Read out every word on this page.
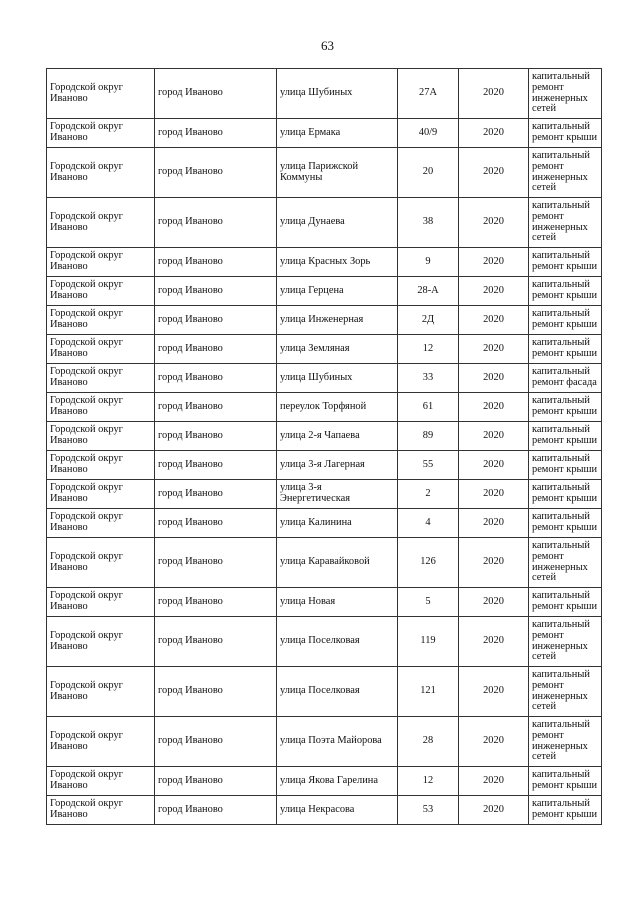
63
Городской округ Иваново	город Иваново	улица Шубиных	27А	2020	капитальный ремонт инженерных сетей
Городской округ Иваново	город Иваново	улица Ермака	40/9	2020	капитальный ремонт крыши
Городской округ Иваново	город Иваново	улица Парижской Коммуны	20	2020	капитальный ремонт инженерных сетей
Городской округ Иваново	город Иваново	улица Дунаева	38	2020	капитальный ремонт инженерных сетей
Городской округ Иваново	город Иваново	улица Красных Зорь	9	2020	капитальный ремонт крыши
Городской округ Иваново	город Иваново	улица Герцена	28-А	2020	капитальный ремонт крыши
Городской округ Иваново	город Иваново	улица Инженерная	2Д	2020	капитальный ремонт крыши
Городской округ Иваново	город Иваново	улица Земляная	12	2020	капитальный ремонт крыши
Городской округ Иваново	город Иваново	улица Шубиных	33	2020	капитальный ремонт фасада
Городской округ Иваново	город Иваново	переулок Торфяной	61	2020	капитальный ремонт крыши
Городской округ Иваново	город Иваново	улица 2-я Чапаева	89	2020	капитальный ремонт крыши
Городской округ Иваново	город Иваново	улица 3-я Лагерная	55	2020	капитальный ремонт крыши
Городской округ Иваново	город Иваново	улица 3-я Энергетическая	2	2020	капитальный ремонт крыши
Городской округ Иваново	город Иваново	улица Калинина	4	2020	капитальный ремонт крыши
Городской округ Иваново	город Иваново	улица Каравайковой	126	2020	капитальный ремонт инженерных сетей
Городской округ Иваново	город Иваново	улица Новая	5	2020	капитальный ремонт крыши
Городской округ Иваново	город Иваново	улица Поселковая	119	2020	капитальный ремонт инженерных сетей
Городской округ Иваново	город Иваново	улица Поселковая	121	2020	капитальный ремонт инженерных сетей
Городской округ Иваново	город Иваново	улица Поэта Майорова	28	2020	капитальный ремонт инженерных сетей
Городской округ Иваново	город Иваново	улица Якова Гарелина	12	2020	капитальный ремонт крыши
Городской округ Иваново	город Иваново	улица Некрасова	53	2020	капитальный ремонт крыши
